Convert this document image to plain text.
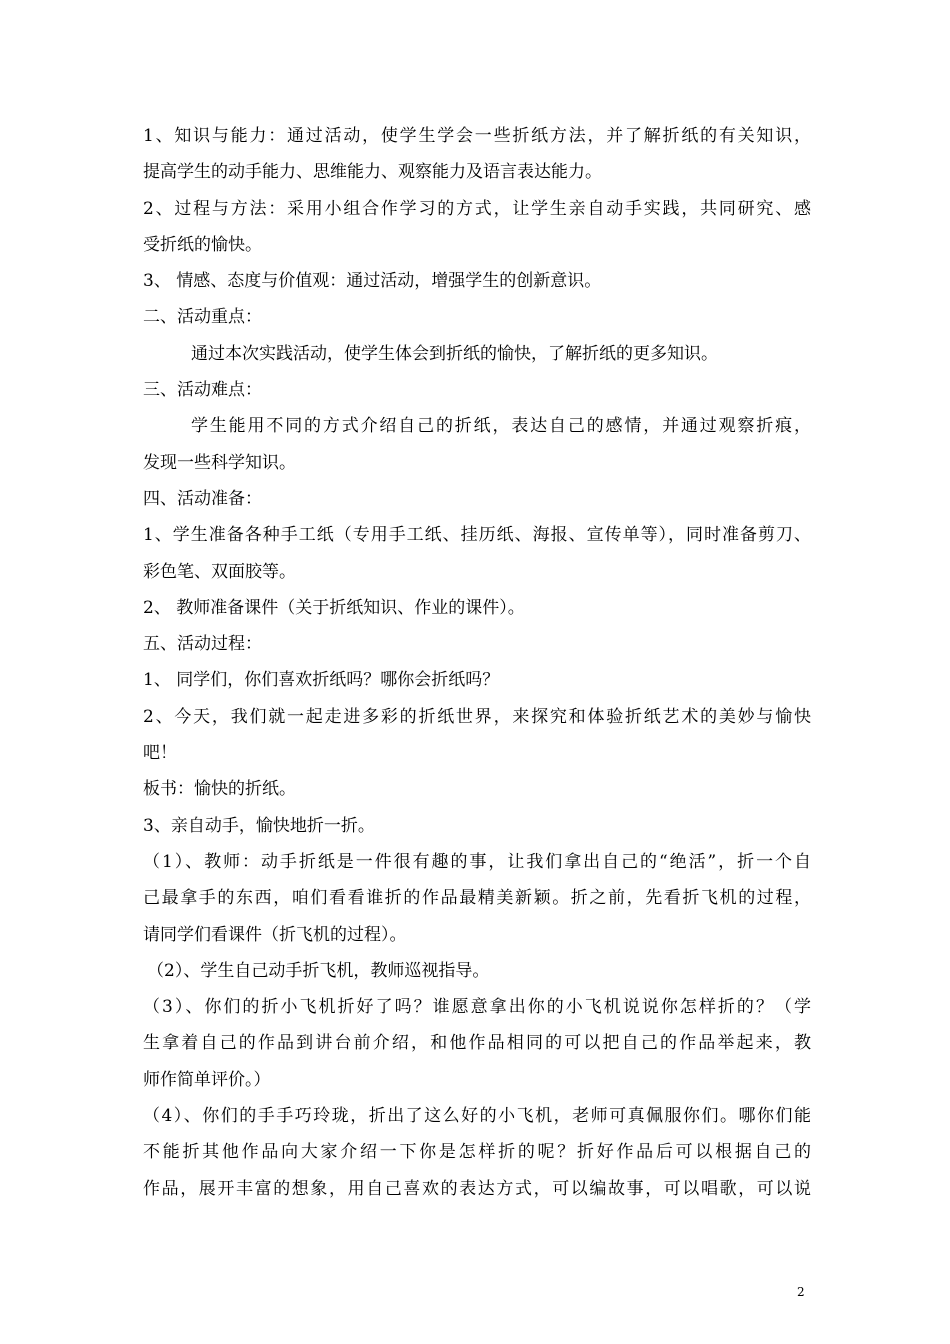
1、知识与能力：通过活动，使学生学会一些折纸方法，并了解折纸的有关知识，
提高学生的动手能力、思维能力、观察能力及语言表达能力。
2、过程与方法：采用小组合作学习的方式，让学生亲自动手实践，共同研究、感
受折纸的愉快。
3、 情感、态度与价值观：通过活动，增强学生的创新意识。
二、活动重点：
通过本次实践活动，使学生体会到折纸的愉快，了解折纸的更多知识。
三、活动难点：
学生能用不同的方式介绍自己的折纸，表达自己的感情，并通过观察折痕，
发现一些科学知识。
四、活动准备：
1、学生准备各种手工纸（专用手工纸、挂历纸、海报、宣传单等），同时准备剪刀、
彩色笔、双面胶等。
2、 教师准备课件（关于折纸知识、作业的课件）。
五、活动过程：
1、 同学们，你们喜欢折纸吗？哪你会折纸吗？
2、今天，我们就一起走进多彩的折纸世界，来探究和体验折纸艺术的美妙与愉快
吧！
板书：愉快的折纸。
3、亲自动手，愉快地折一折。
（1）、教师：动手折纸是一件很有趣的事，让我们拿出自己的“绝活”，折一个自
己最拿手的东西，咱们看看谁折的作品最精美新颖。折之前，先看折飞机的过程，
请同学们看课件（折飞机的过程）。
（2）、学生自己动手折飞机，教师巡视指导。
（3）、你们的折小飞机折好了吗？谁愿意拿出你的小飞机说说你怎样折的？（学
生拿着自己的作品到讲台前介绍，和他作品相同的可以把自己的作品举起来，教
师作简单评价。）
（4）、你们的手手巧玲珑，折出了这么好的小飞机，老师可真佩服你们。哪你们能
不能折其他作品向大家介绍一下你是怎样折的呢？折好作品后可以根据自己的
作品，展开丰富的想象，用自己喜欢的表达方式，可以编故事，可以唱歌，可以说
2
